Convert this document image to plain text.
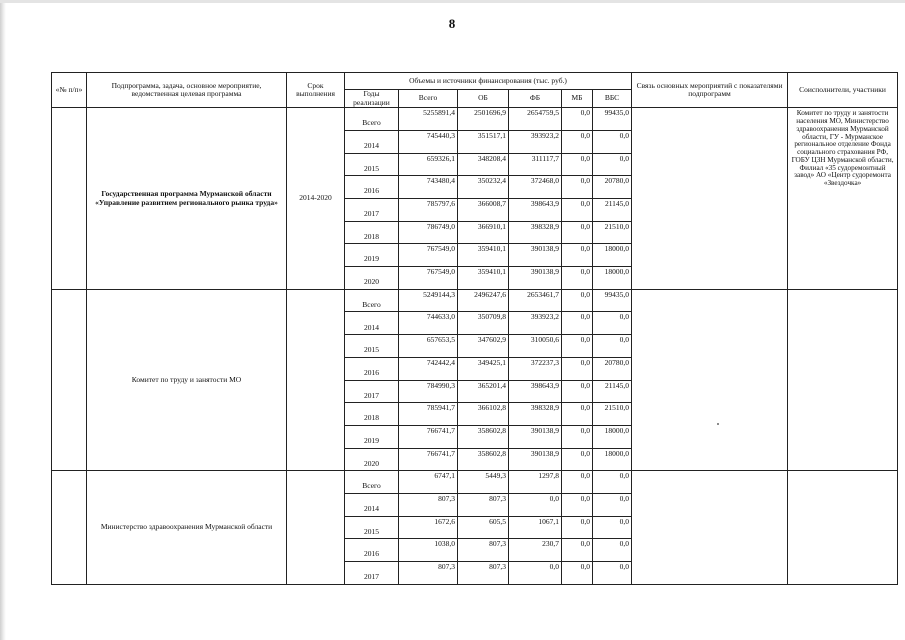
8
«№ п/п»	Подпрограмма, задача, основное мероприятие, ведомственная целевая программа	Срок выполнения	Объемы и источники финансирования (тыс. руб.)						Связь основных мероприятий с показателями подпрограмм	Соисполнители, участники
			Годы реализации	Всего	ОБ	ФБ	МБ	ВБС		
	Государственная программа Мурманской области «Управление развитием регионального рынка труда»	2014-2020	Всего	5255891,4	2501696,9	2654759,5	0,0	99435,0		Комитет по труду и занятости населения МО, Министерство здравоохранения Мурманской области, ГУ - Мурманское региональное отделение Фонда социального страхования РФ, ГОБУ ЦЗН Мурманской области, Филиал «35 судоремонтный завод» АО «Центр судоремонта «Звездочка»
			2014	745440,3	351517,1	393923,2	0,0	0,0		
			2015	659326,1	348208,4	311117,7	0,0	0,0		
			2016	743480,4	350232,4	372468,0	0,0	20780,0		
			2017	785797,6	366008,7	398643,9	0,0	21145,0		
			2018	786749,0	366910,1	398328,9	0,0	21510,0		
			2019	767549,0	359410,1	390138,9	0,0	18000,0		
			2020	767549,0	359410,1	390138,9	0,0	18000,0		
	Комитет по труду и занятости МО		Всего	5249144,3	2496247,6	2653461,7	0,0	99435,0		
			2014	744633,0	350709,8	393923,2	0,0	0,0		
			2015	657653,5	347602,9	310050,6	0,0	0,0		
			2016	742442,4	349425,1	372237,3	0,0	20780,0		
			2017	784990,3	365201,4	398643,9	0,0	21145,0		
			2018	785941,7	366102,8	398328,9	0,0	21510,0		
			2019	766741,7	358602,8	390138,9	0,0	18000,0		
			2020	766741,7	358602,8	390138,9	0,0	18000,0		
	Министерство здравоохранения Мурманской области		Всего	6747,1	5449,3	1297,8	0,0	0,0		
			2014	807,3	807,3	0,0	0,0	0,0		
			2015	1672,6	605,5	1067,1	0,0	0,0		
			2016	1038,0	807,3	230,7	0,0	0,0		
			2017	807,3	807,3	0,0	0,0	0,0		
